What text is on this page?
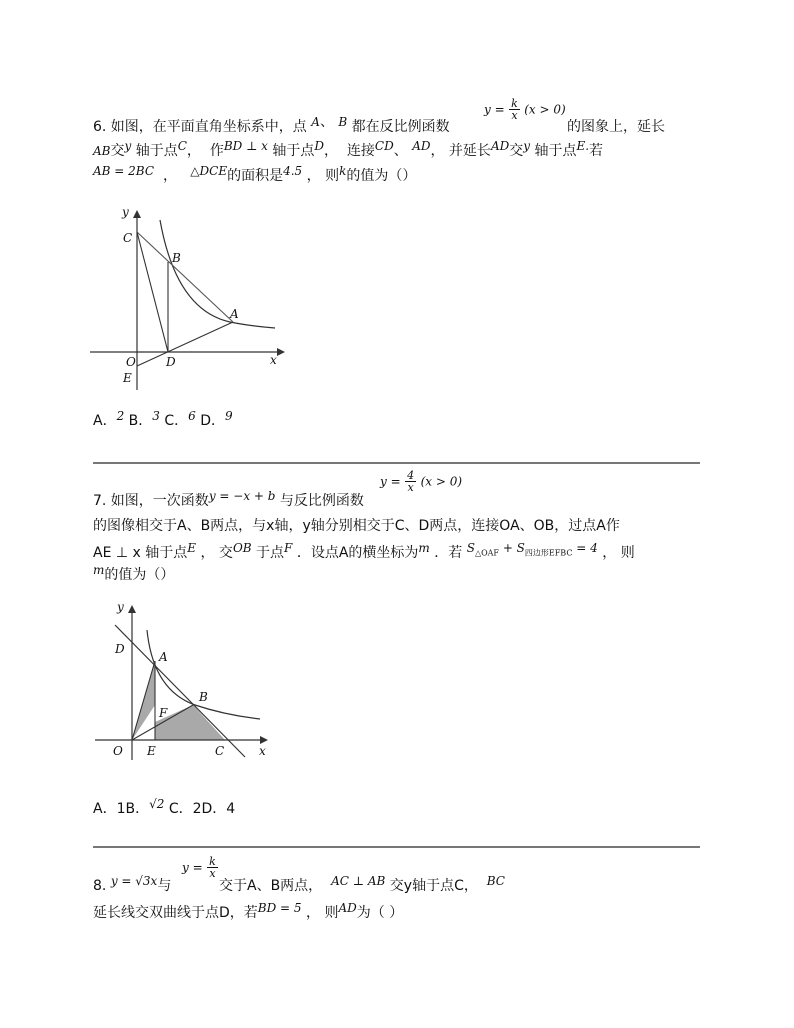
6. 如图，在平面直角坐标系中，点 A、 B 都在反比例函数
$y = \frac{k}{x} (x > 0)$
的图象上，延长
AB交y 轴于点C， 作BD ⊥ x 轴于点D， 连接CD、 AD， 并延长AD交y 轴于点E.若
AB = 2BC ， △DCE的面积是4.5 ， 则k的值为（）
y
C
B
A
O	D
E
x
A．2 B．3 C．6 D．9
7. 如图，一次函数y = −x + b 与反比例函数
$y = \frac{4}{x} (x > 0)$
的图像相交于A、B两点，与x轴，y轴分别相交于C、D两点，连接OA、OB，过点A作
AE ⊥ x 轴于点E ， 交OB 于点F ．设点A的横坐标为m ．若 $S_{\triangle OAF} + S_{四边形EFBC} = 4$ ， 则
m的值为（）
y
D
A
B
F
O E	C	x
A．1B．√2 C．2D．4
8. y = √3x与
$y = \frac{k}{x}$
交于A、B两点， AC ⊥ AB 交y轴于点C， BC
延长线交双曲线于点D，若BD = 5 ， 则AD为（ ）
